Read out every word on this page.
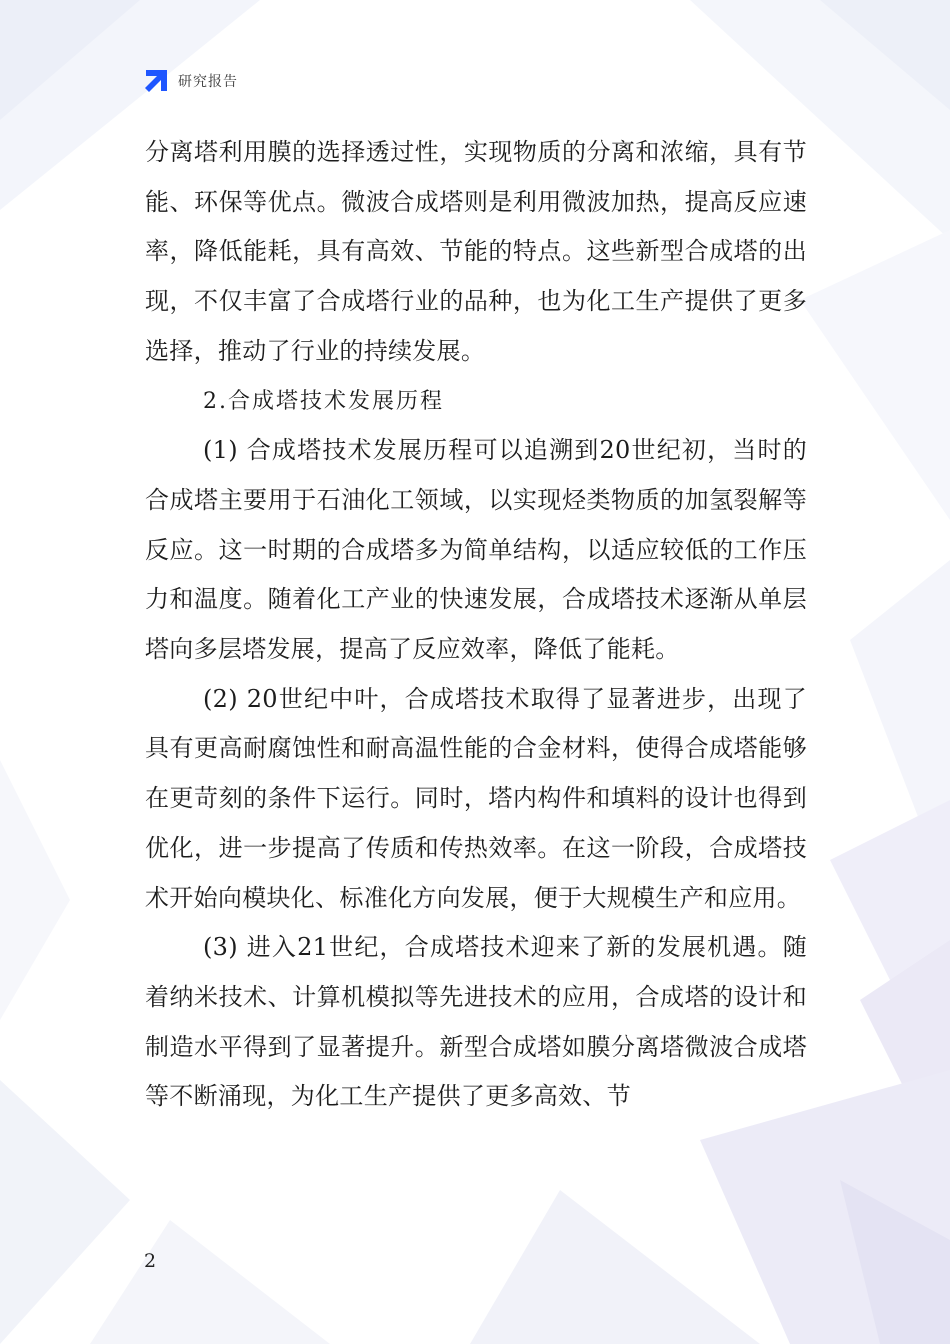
研究报告

分离塔利用膜的选择透过性，实现物质的分离和浓缩，具有节能、环保等优点。微波合成塔则是利用微波加热，提高反应速率，降低能耗，具有高效、节能的特点。这些新型合成塔的出现，不仅丰富了合成塔行业的品种，也为化工生产提供了更多选择，推动了行业的持续发展。

2.合成塔技术发展历程

(1) 合成塔技术发展历程可以追溯到20世纪初，当时的合成塔主要用于石油化工领域，以实现烃类物质的加氢裂解等反应。这一时期的合成塔多为简单结构，以适应较低的工作压力和温度。随着化工产业的快速发展，合成塔技术逐渐从单层塔向多层塔发展，提高了反应效率，降低了能耗。

(2) 20世纪中叶，合成塔技术取得了显著进步，出现了具有更高耐腐蚀性和耐高温性能的合金材料，使得合成塔能够在更苛刻的条件下运行。同时，塔内构件和填料的设计也得到优化，进一步提高了传质和传热效率。在这一阶段，合成塔技术开始向模块化、标准化方向发展，便于大规模生产和应用。

(3) 进入21世纪，合成塔技术迎来了新的发展机遇。随着纳米技术、计算机模拟等先进技术的应用，合成塔的设计和制造水平得到了显著提升。新型合成塔如膜分离塔微波合成塔等不断涌现，为化工生产提供了更多高效、节

2
